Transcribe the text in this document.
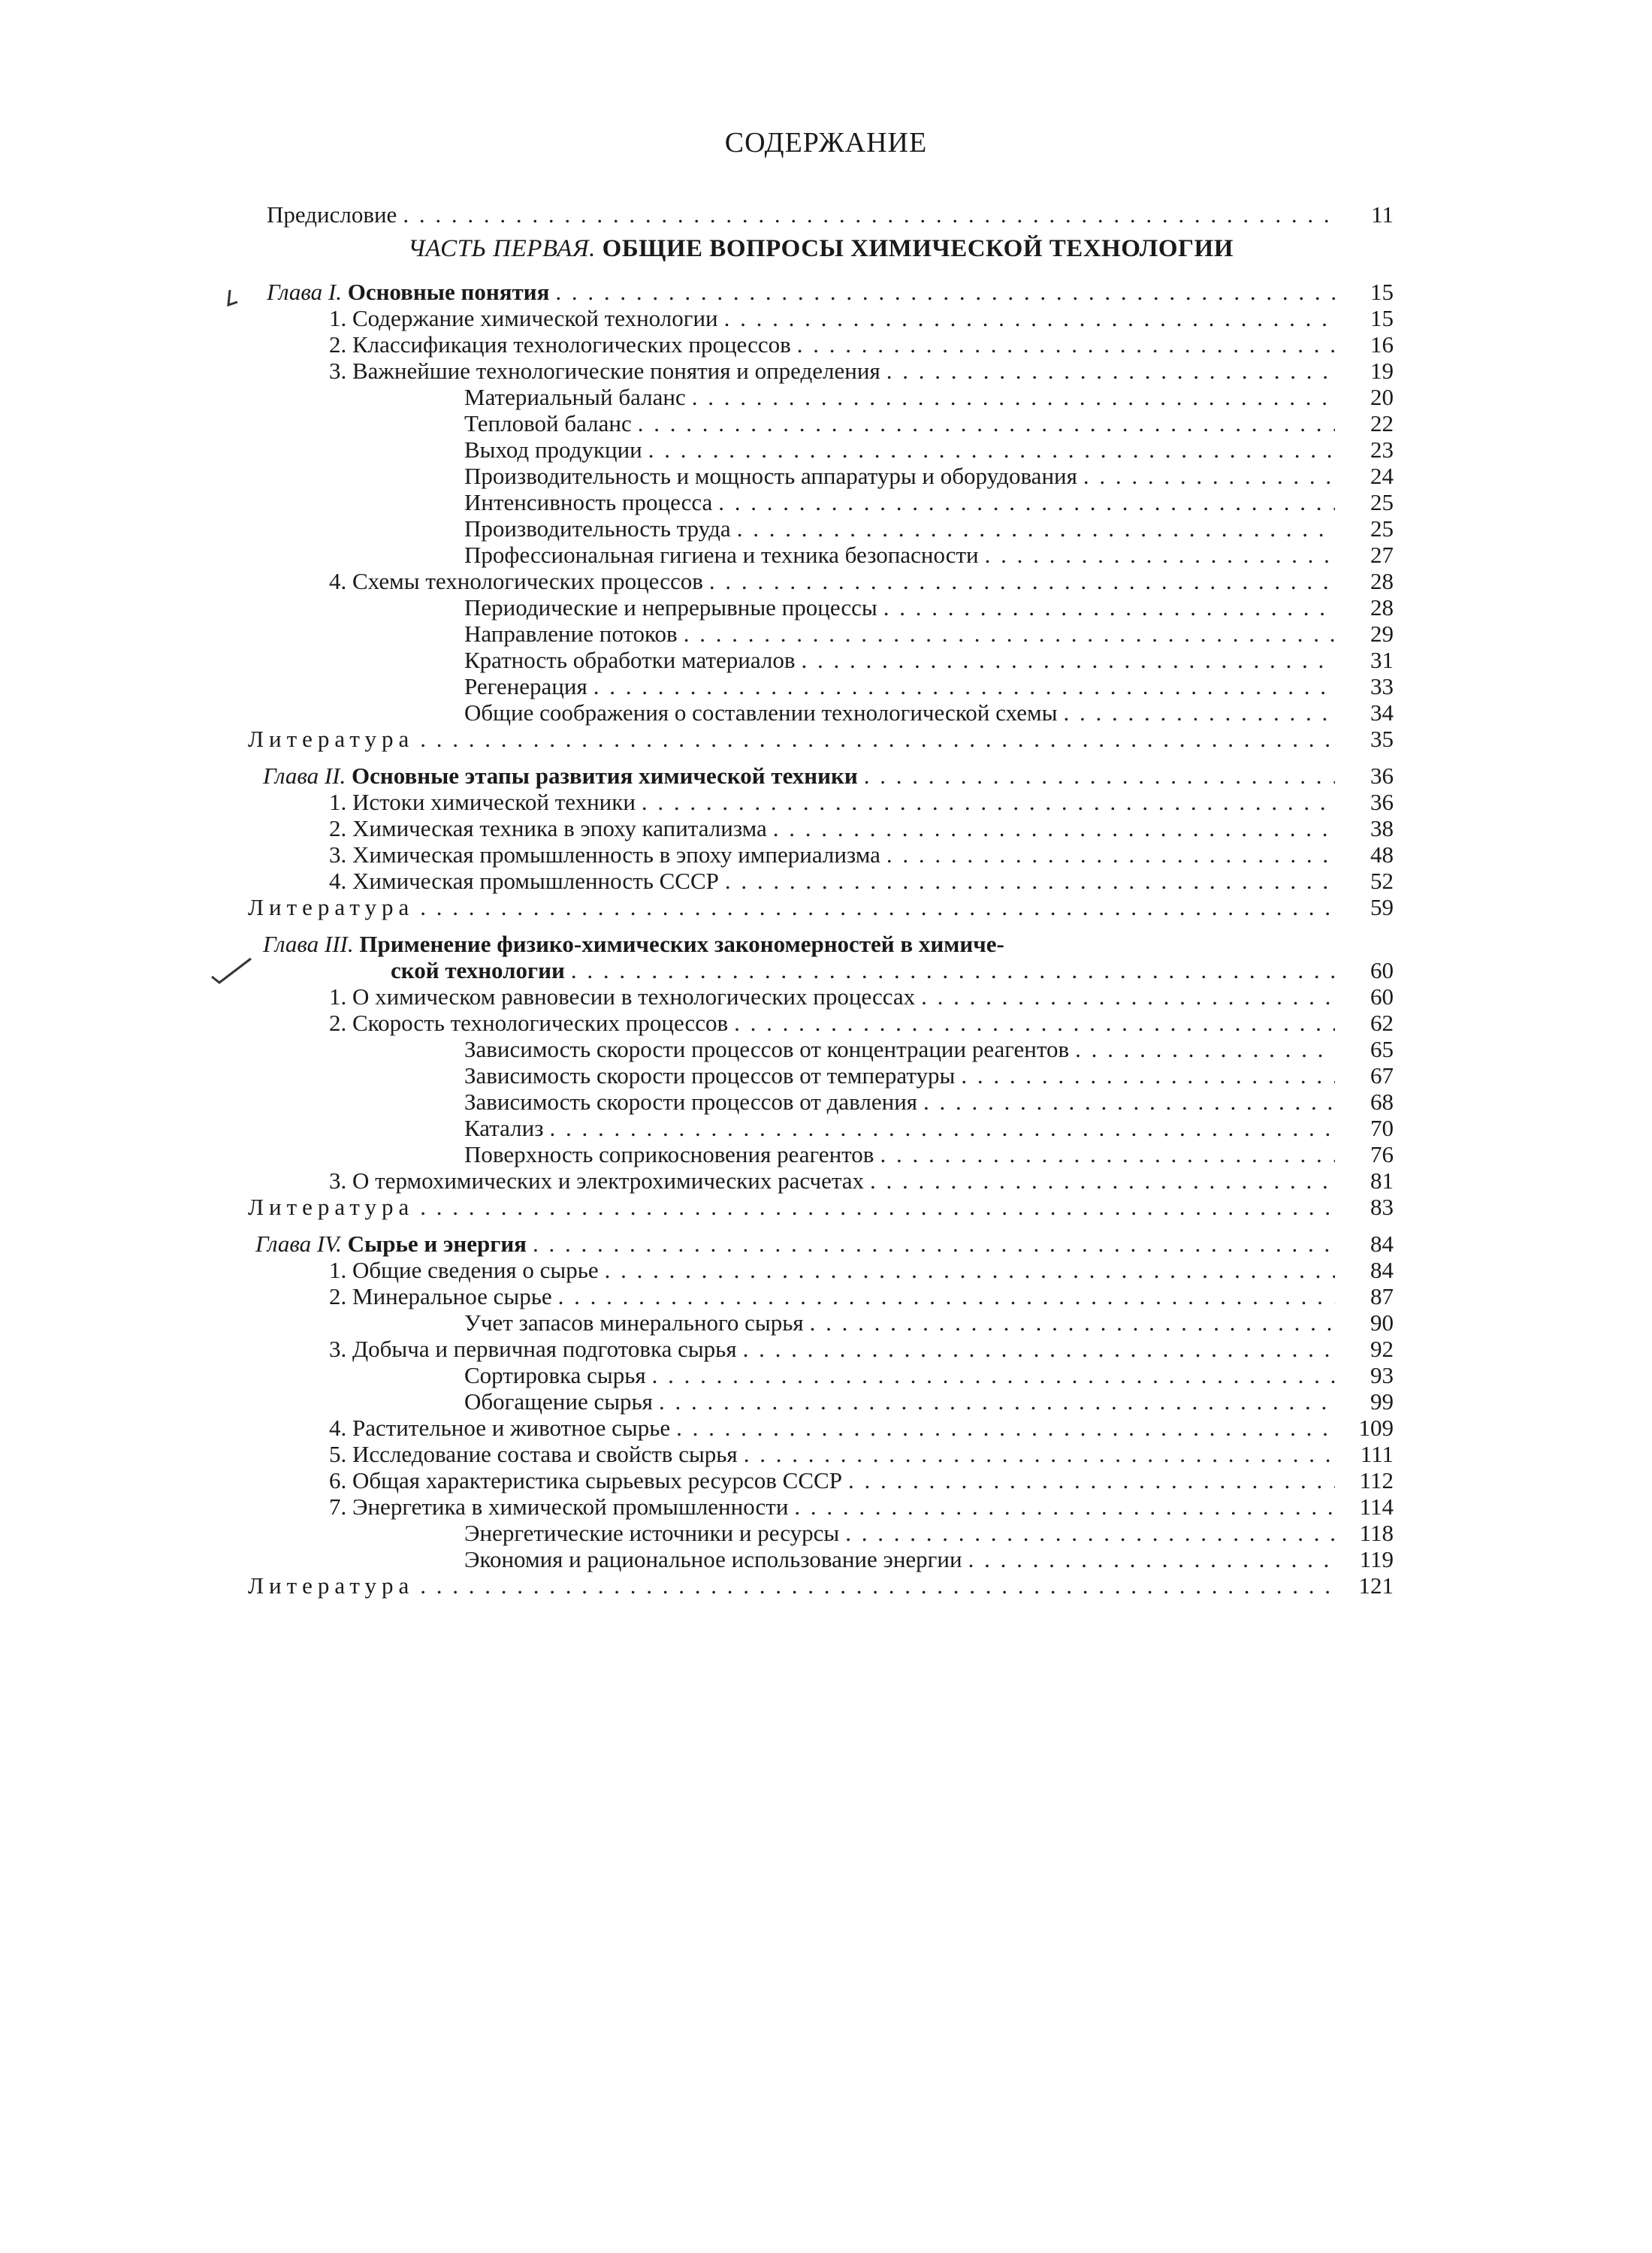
СОДЕРЖАНИЕ
Предисловие . . .	11
ЧАСТЬ ПЕРВАЯ. ОБЩИЕ ВОПРОСЫ ХИМИЧЕСКОЙ ТЕХНОЛОГИИ
Глава I. Основные понятия . . .	15
1. Содержание химической технологии . . .	15
2. Классификация технологических процессов . . .	16
3. Важнейшие технологические понятия и определения . . .	19
Материальный баланс . . .	20
Тепловой баланс . . .	22
Выход продукции . . .	23
Производительность и мощность аппаратуры и оборудования . . .	24
Интенсивность процесса . . .	25
Производительность труда . . .	25
Профессиональная гигиена и техника безопасности . . .	27
4. Схемы технологических процессов . . .	28
Периодические и непрерывные процессы . . .	28
Направление потоков . . .	29
Кратность обработки материалов . . .	31
Регенерация . . .	33
Общие соображения о составлении технологической схемы . . .	34
Литература . . .	35
Глава II. Основные этапы развития химической техники . . .	36
1. Истоки химической техники . . .	36
2. Химическая техника в эпоху капитализма . . .	38
3. Химическая промышленность в эпоху империализма . . .	48
4. Химическая промышленность СССР . . .	52
Литература . . .	59
Глава III. Применение физико-химических закономерностей в химиче-
ской технологии . . .	60
1. О химическом равновесии в технологических процессах . . .	60
2. Скорость технологических процессов . . .	62
Зависимость скорости процессов от концентрации реагентов . . .	65
Зависимость скорости процессов от температуры . . .	67
Зависимость скорости процессов от давления . . .	68
Катализ . . .	70
Поверхность соприкосновения реагентов . . .	76
3. О термохимических и электрохимических расчетах . . .	81
Литература . . .	83
Глава IV. Сырье и энергия . . .	84
1. Общие сведения о сырье . . .	84
2. Минеральное сырье . . .	87
Учет запасов минерального сырья . . .	90
3. Добыча и первичная подготовка сырья . . .	92
Сортировка сырья . . .	93
Обогащение сырья . . .	99
4. Растительное и животное сырье . . .	109
5. Исследование состава и свойств сырья . . .	111
6. Общая характеристика сырьевых ресурсов СССР . . .	112
7. Энергетика в химической промышленности . . .	114
Энергетические источники и ресурсы . . .	118
Экономия и рациональное использование энергии . . .	119
Литература . . .	121
